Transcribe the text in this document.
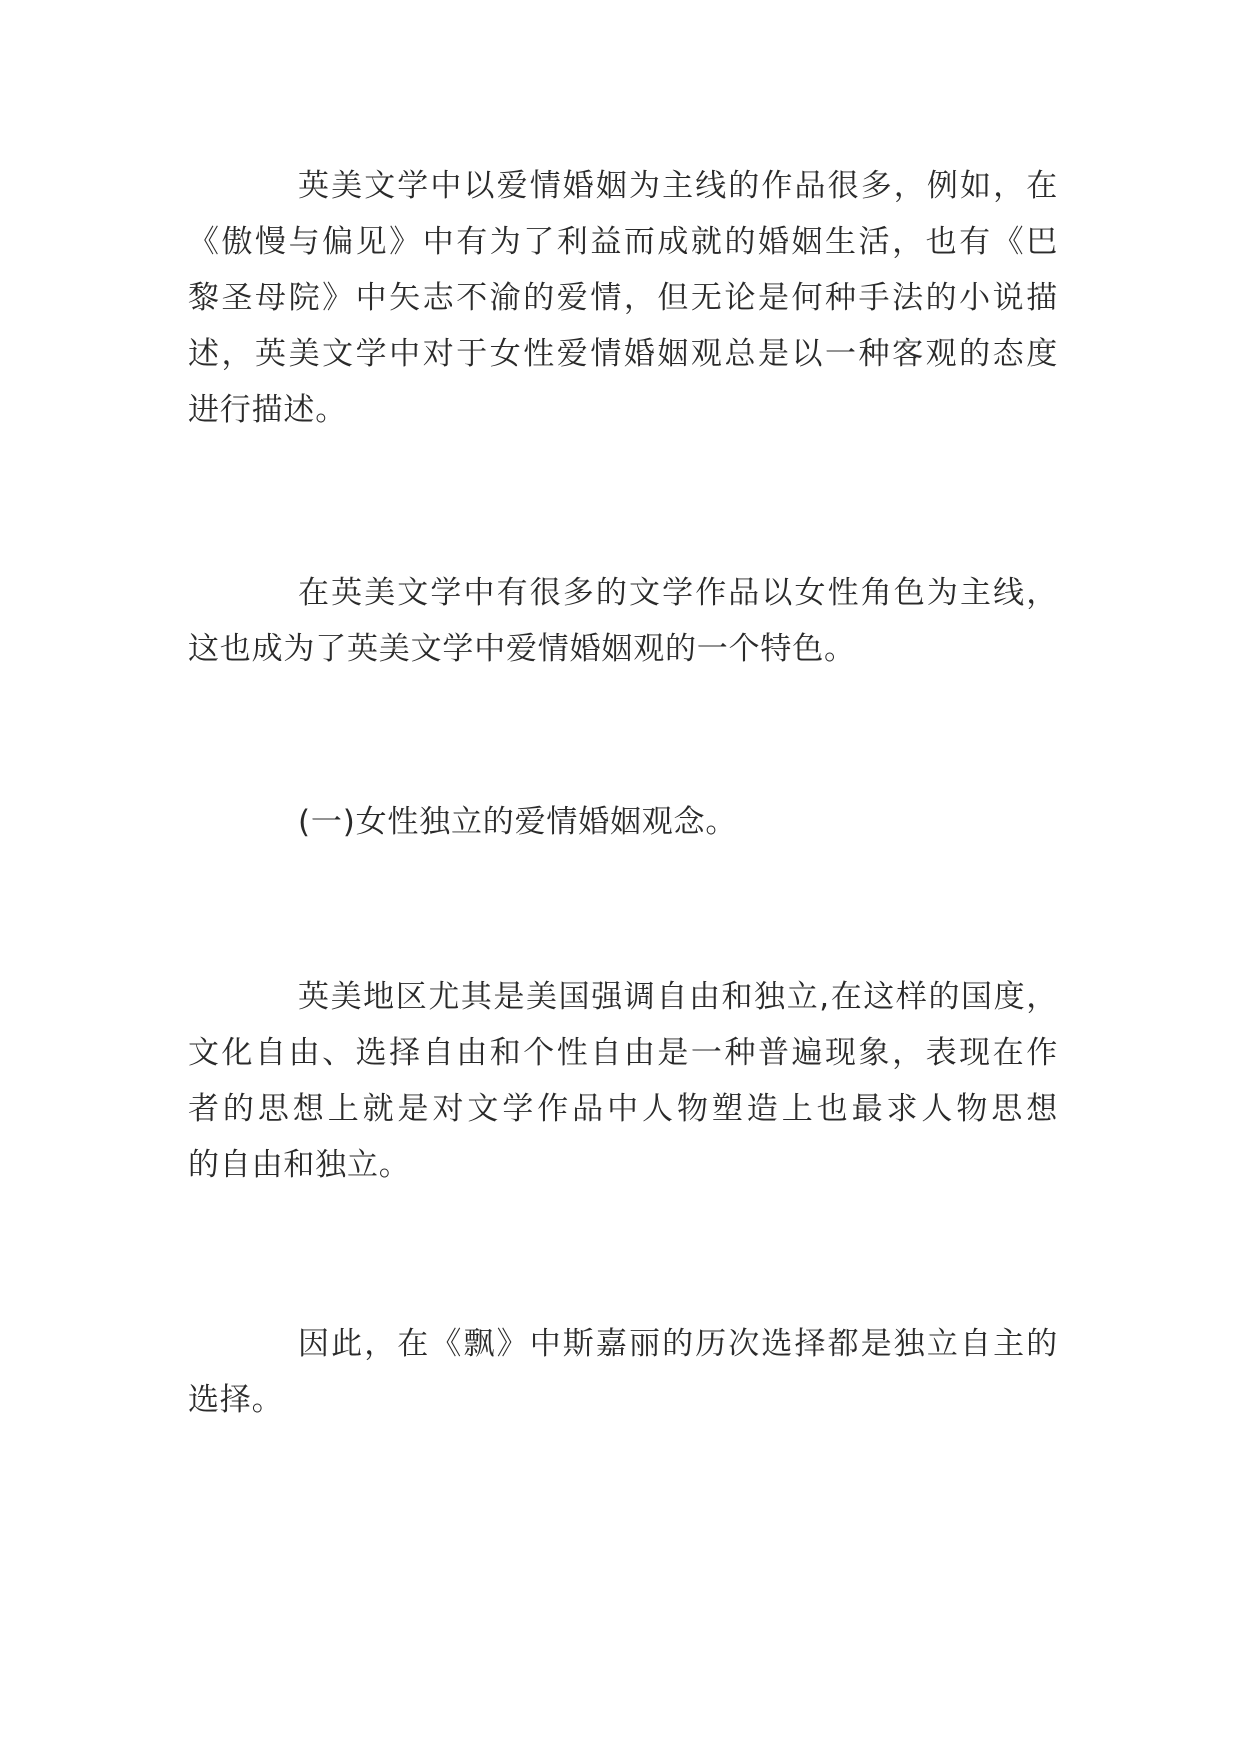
英美文学中以爱情婚姻为主线的作品很多，例如，在

《傲慢与偏见》中有为了利益而成就的婚姻生活，也有《巴

黎圣母院》中矢志不渝的爱情，但无论是何种手法的小说描

述，英美文学中对于女性爱情婚姻观总是以一种客观的态度

进行描述。

在英美文学中有很多的文学作品以女性角色为主线，

这也成为了英美文学中爱情婚姻观的一个特色。

(一)女性独立的爱情婚姻观念。

英美地区尤其是美国强调自由和独立,在这样的国度，

文化自由、选择自由和个性自由是一种普遍现象，表现在作

者的思想上就是对文学作品中人物塑造上也最求人物思想

的自由和独立。

因此，在《飘》中斯嘉丽的历次选择都是独立自主的

选择。
